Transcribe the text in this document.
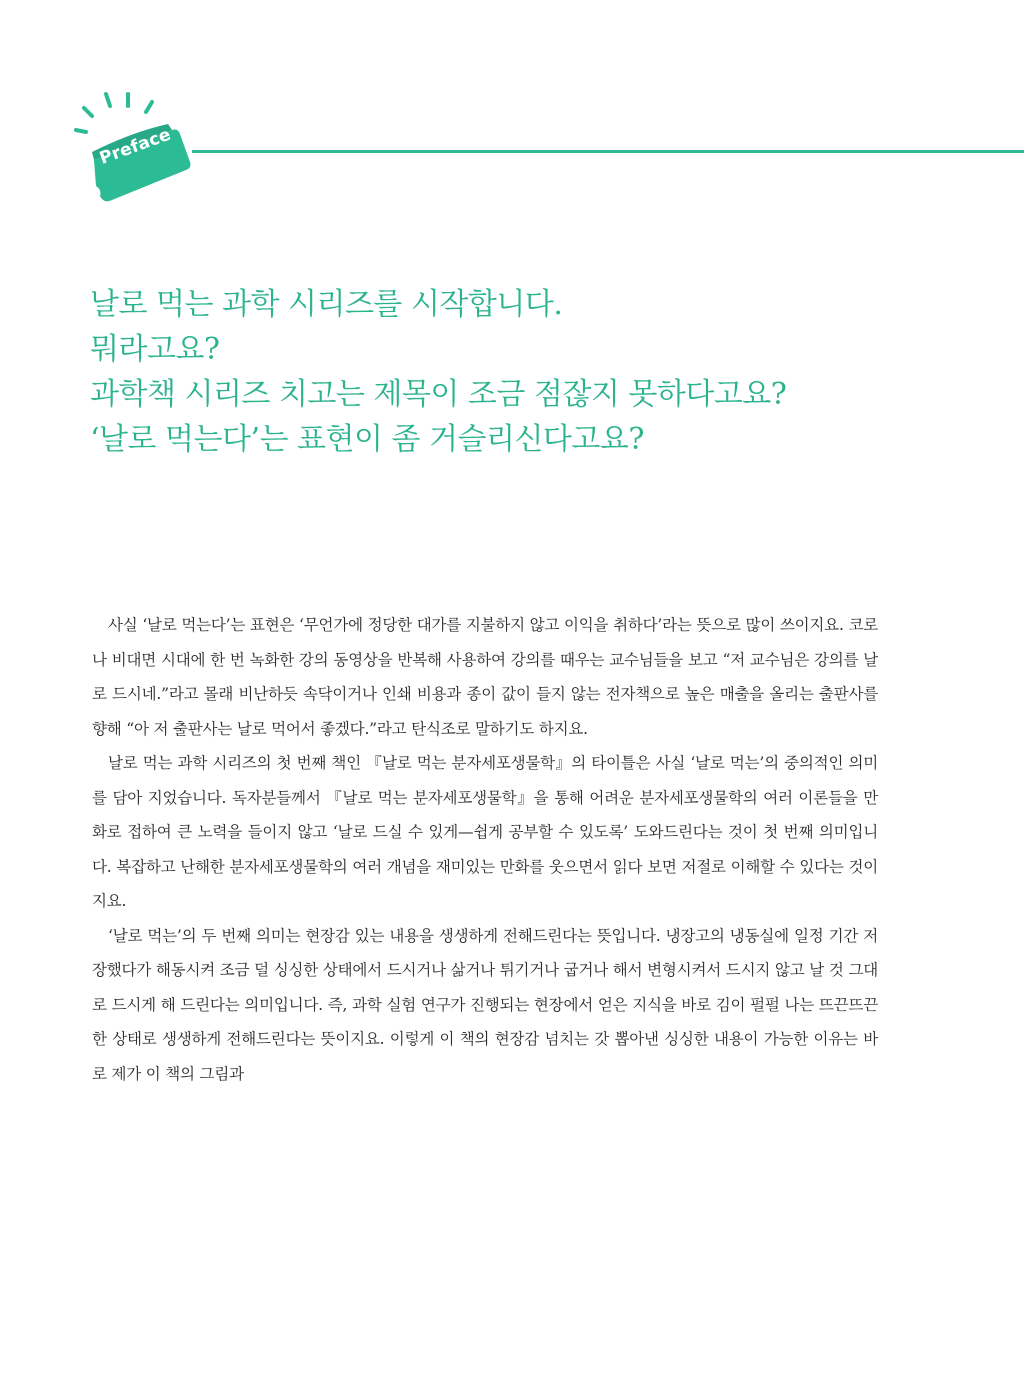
Preface
날로 먹는 과학 시리즈를 시작합니다.
뭐라고요?
과학책 시리즈 치고는 제목이 조금 점잖지 못하다고요?
‘날로 먹는다’는 표현이 좀 거슬리신다고요?

사실 ‘날로 먹는다’는 표현은 ‘무언가에 정당한 대가를 지불하지 않고 이익을 취하다’라는 뜻으로 많이 쓰이지요. 코로나 비대면 시대에 한 번 녹화한 강의 동영상을 반복해 사용하여 강의를 때우는 교수님들을 보고 “저 교수님은 강의를 날로 드시네.”라고 몰래 비난하듯 속닥이거나 인쇄 비용과 종이 값이 들지 않는 전자책으로 높은 매출을 올리는 출판사를 향해 “아 저 출판사는 날로 먹어서 좋겠다.”라고 탄식조로 말하기도 하지요.

날로 먹는 과학 시리즈의 첫 번째 책인 『날로 먹는 분자세포생물학』의 타이틀은 사실 ‘날로 먹는’의 중의적인 의미를 담아 지었습니다. 독자분들께서 『날로 먹는 분자세포생물학』을 통해 어려운 분자세포생물학의 여러 이론들을 만화로 접하여 큰 노력을 들이지 않고 ‘날로 드실 수 있게—쉽게 공부할 수 있도록’ 도와드린다는 것이 첫 번째 의미입니다. 복잡하고 난해한 분자세포생물학의 여러 개념을 재미있는 만화를 웃으면서 읽다 보면 저절로 이해할 수 있다는 것이지요.

‘날로 먹는’의 두 번째 의미는 현장감 있는 내용을 생생하게 전해드린다는 뜻입니다. 냉장고의 냉동실에 일정 기간 저장했다가 해동시켜 조금 덜 싱싱한 상태에서 드시거나 삶거나 튀기거나 굽거나 해서 변형시켜서 드시지 않고 날 것 그대로 드시게 해 드린다는 의미입니다. 즉, 과학 실험 연구가 진행되는 현장에서 얻은 지식을 바로 김이 펄펄 나는 뜨끈뜨끈한 상태로 생생하게 전해드린다는 뜻이지요. 이렇게 이 책의 현장감 넘치는 갓 뽑아낸 싱싱한 내용이 가능한 이유는 바로 제가 이 책의 그림과
